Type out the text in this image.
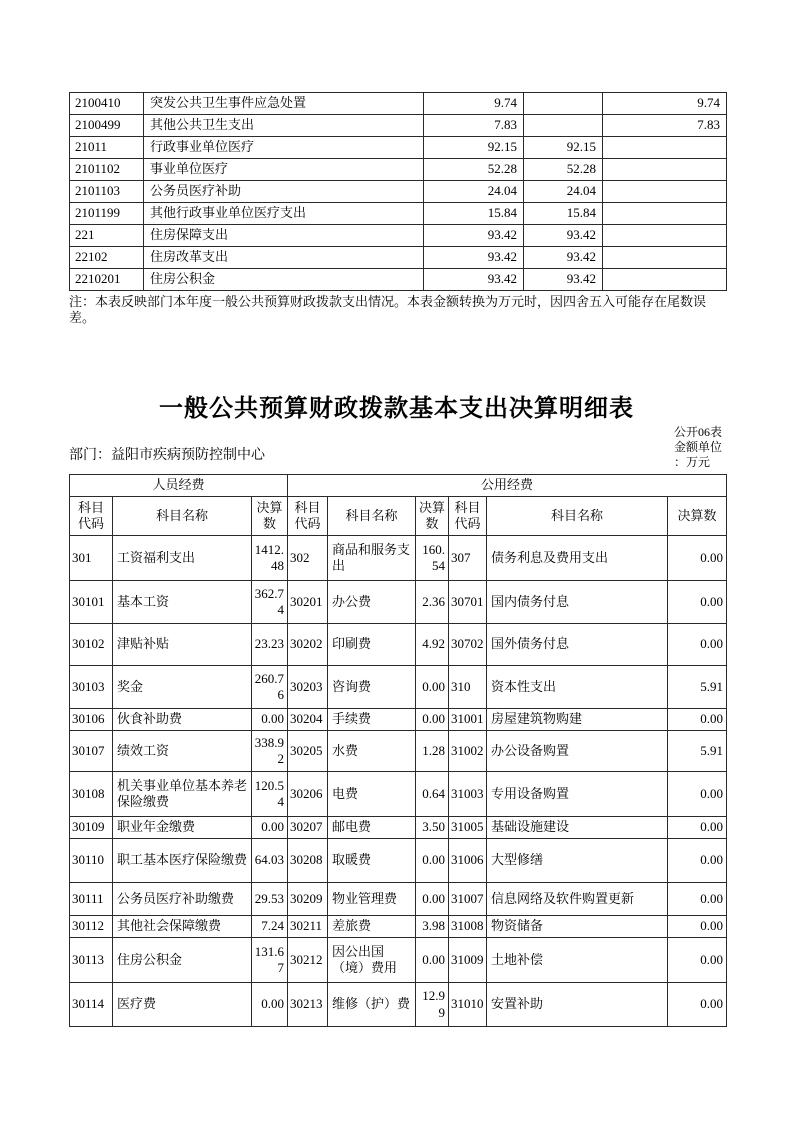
2100410	突发公共卫生事件应急处置	9.74		9.74
2100499	其他公共卫生支出	7.83		7.83
21011	行政事业单位医疗	92.15	92.15	
2101102	事业单位医疗	52.28	52.28	
2101103	公务员医疗补助	24.04	24.04	
2101199	其他行政事业单位医疗支出	15.84	15.84	
221	住房保障支出	93.42	93.42	
22102	住房改革支出	93.42	93.42	
2210201	住房公积金	93.42	93.42	
注：本表反映部门本年度一般公共预算财政拨款支出情况。本表金额转换为万元时，因四舍五入可能存在尾数误差。
一般公共预算财政拨款基本支出决算明细表
部门：益阳市疾病预防控制中心
公开06表
金额单位
：万元
人员经费			公用经费					
科目代码	科目名称	决算数	科目代码	科目名称	决算数	科目代码	科目名称	决算数
301	工资福利支出	1412.48	302	商品和服务支出	160.54	307	债务利息及费用支出	0.00
30101	基本工资	362.74	30201	办公费	2.36	30701	国内债务付息	0.00
30102	津贴补贴	23.23	30202	印刷费	4.92	30702	国外债务付息	0.00
30103	奖金	260.76	30203	咨询费	0.00	310	资本性支出	5.91
30106	伙食补助费	0.00	30204	手续费	0.00	31001	房屋建筑物购建	0.00
30107	绩效工资	338.92	30205	水费	1.28	31002	办公设备购置	5.91
30108	机关事业单位基本养老保险缴费	120.54	30206	电费	0.64	31003	专用设备购置	0.00
30109	职业年金缴费	0.00	30207	邮电费	3.50	31005	基础设施建设	0.00
30110	职工基本医疗保险缴费	64.03	30208	取暖费	0.00	31006	大型修缮	0.00
30111	公务员医疗补助缴费	29.53	30209	物业管理费	0.00	31007	信息网络及软件购置更新	0.00
30112	其他社会保障缴费	7.24	30211	差旅费	3.98	31008	物资储备	0.00
30113	住房公积金	131.67	30212	因公出国（境）费用	0.00	31009	土地补偿	0.00
30114	医疗费	0.00	30213	维修（护）费	12.99	31010	安置补助	0.00
